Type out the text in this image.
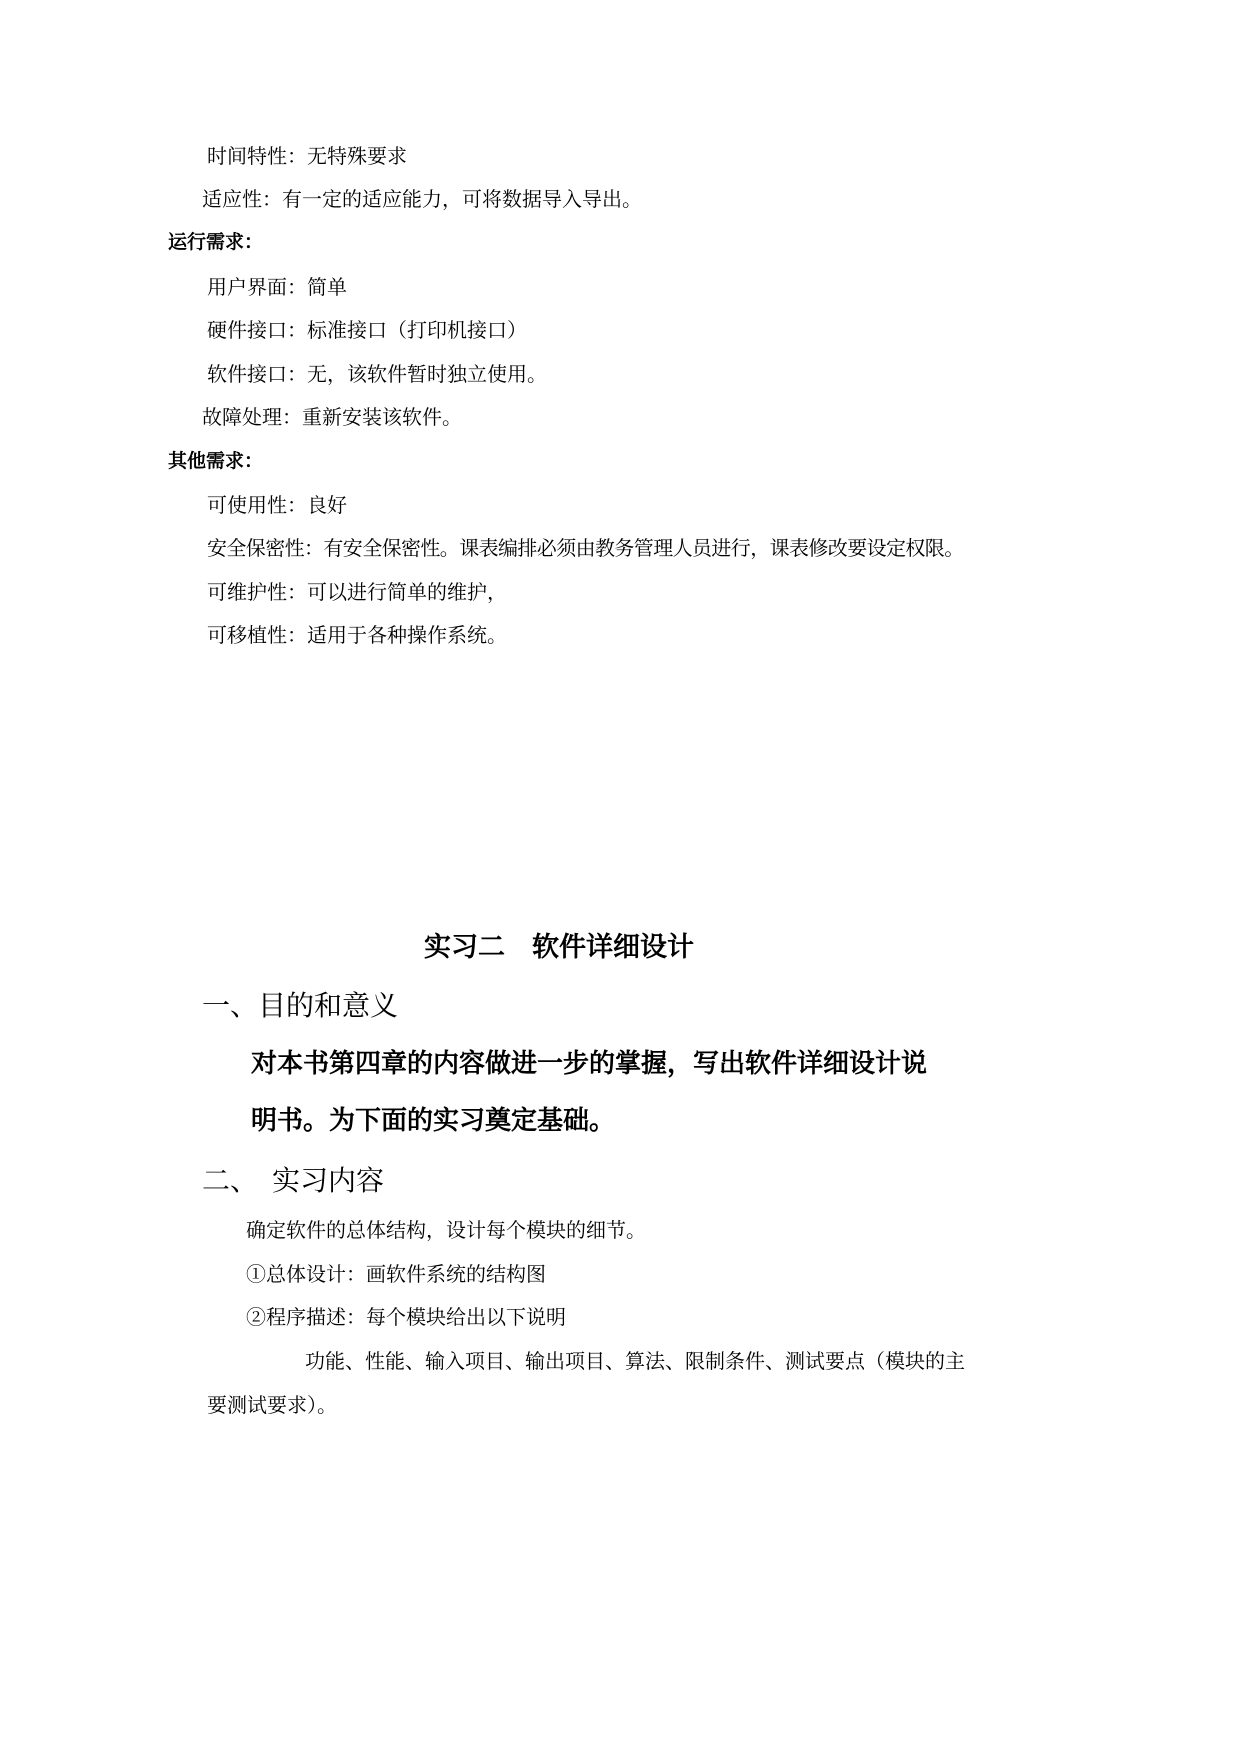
时间特性：无特殊要求
适应性：有一定的适应能力，可将数据导入导出。
运行需求：
用户界面：简单
硬件接口：标准接口（打印机接口）
软件接口：无，该软件暂时独立使用。
故障处理：重新安装该软件。
其他需求：
可使用性：良好
安全保密性：有安全保密性。课表编排必须由教务管理人员进行，课表修改要设定权限。
可维护性：可以进行简单的维护，
可移植性：适用于各种操作系统。
实习二　软件详细设计
一、目的和意义
对本书第四章的内容做进一步的掌握，写出软件详细设计说
明书。为下面的实习奠定基础。
二、　实习内容
确定软件的总体结构，设计每个模块的细节。
①总体设计：画软件系统的结构图
②程序描述：每个模块给出以下说明
功能、性能、输入项目、输出项目、算法、限制条件、测试要点（模块的主
要测试要求）。
